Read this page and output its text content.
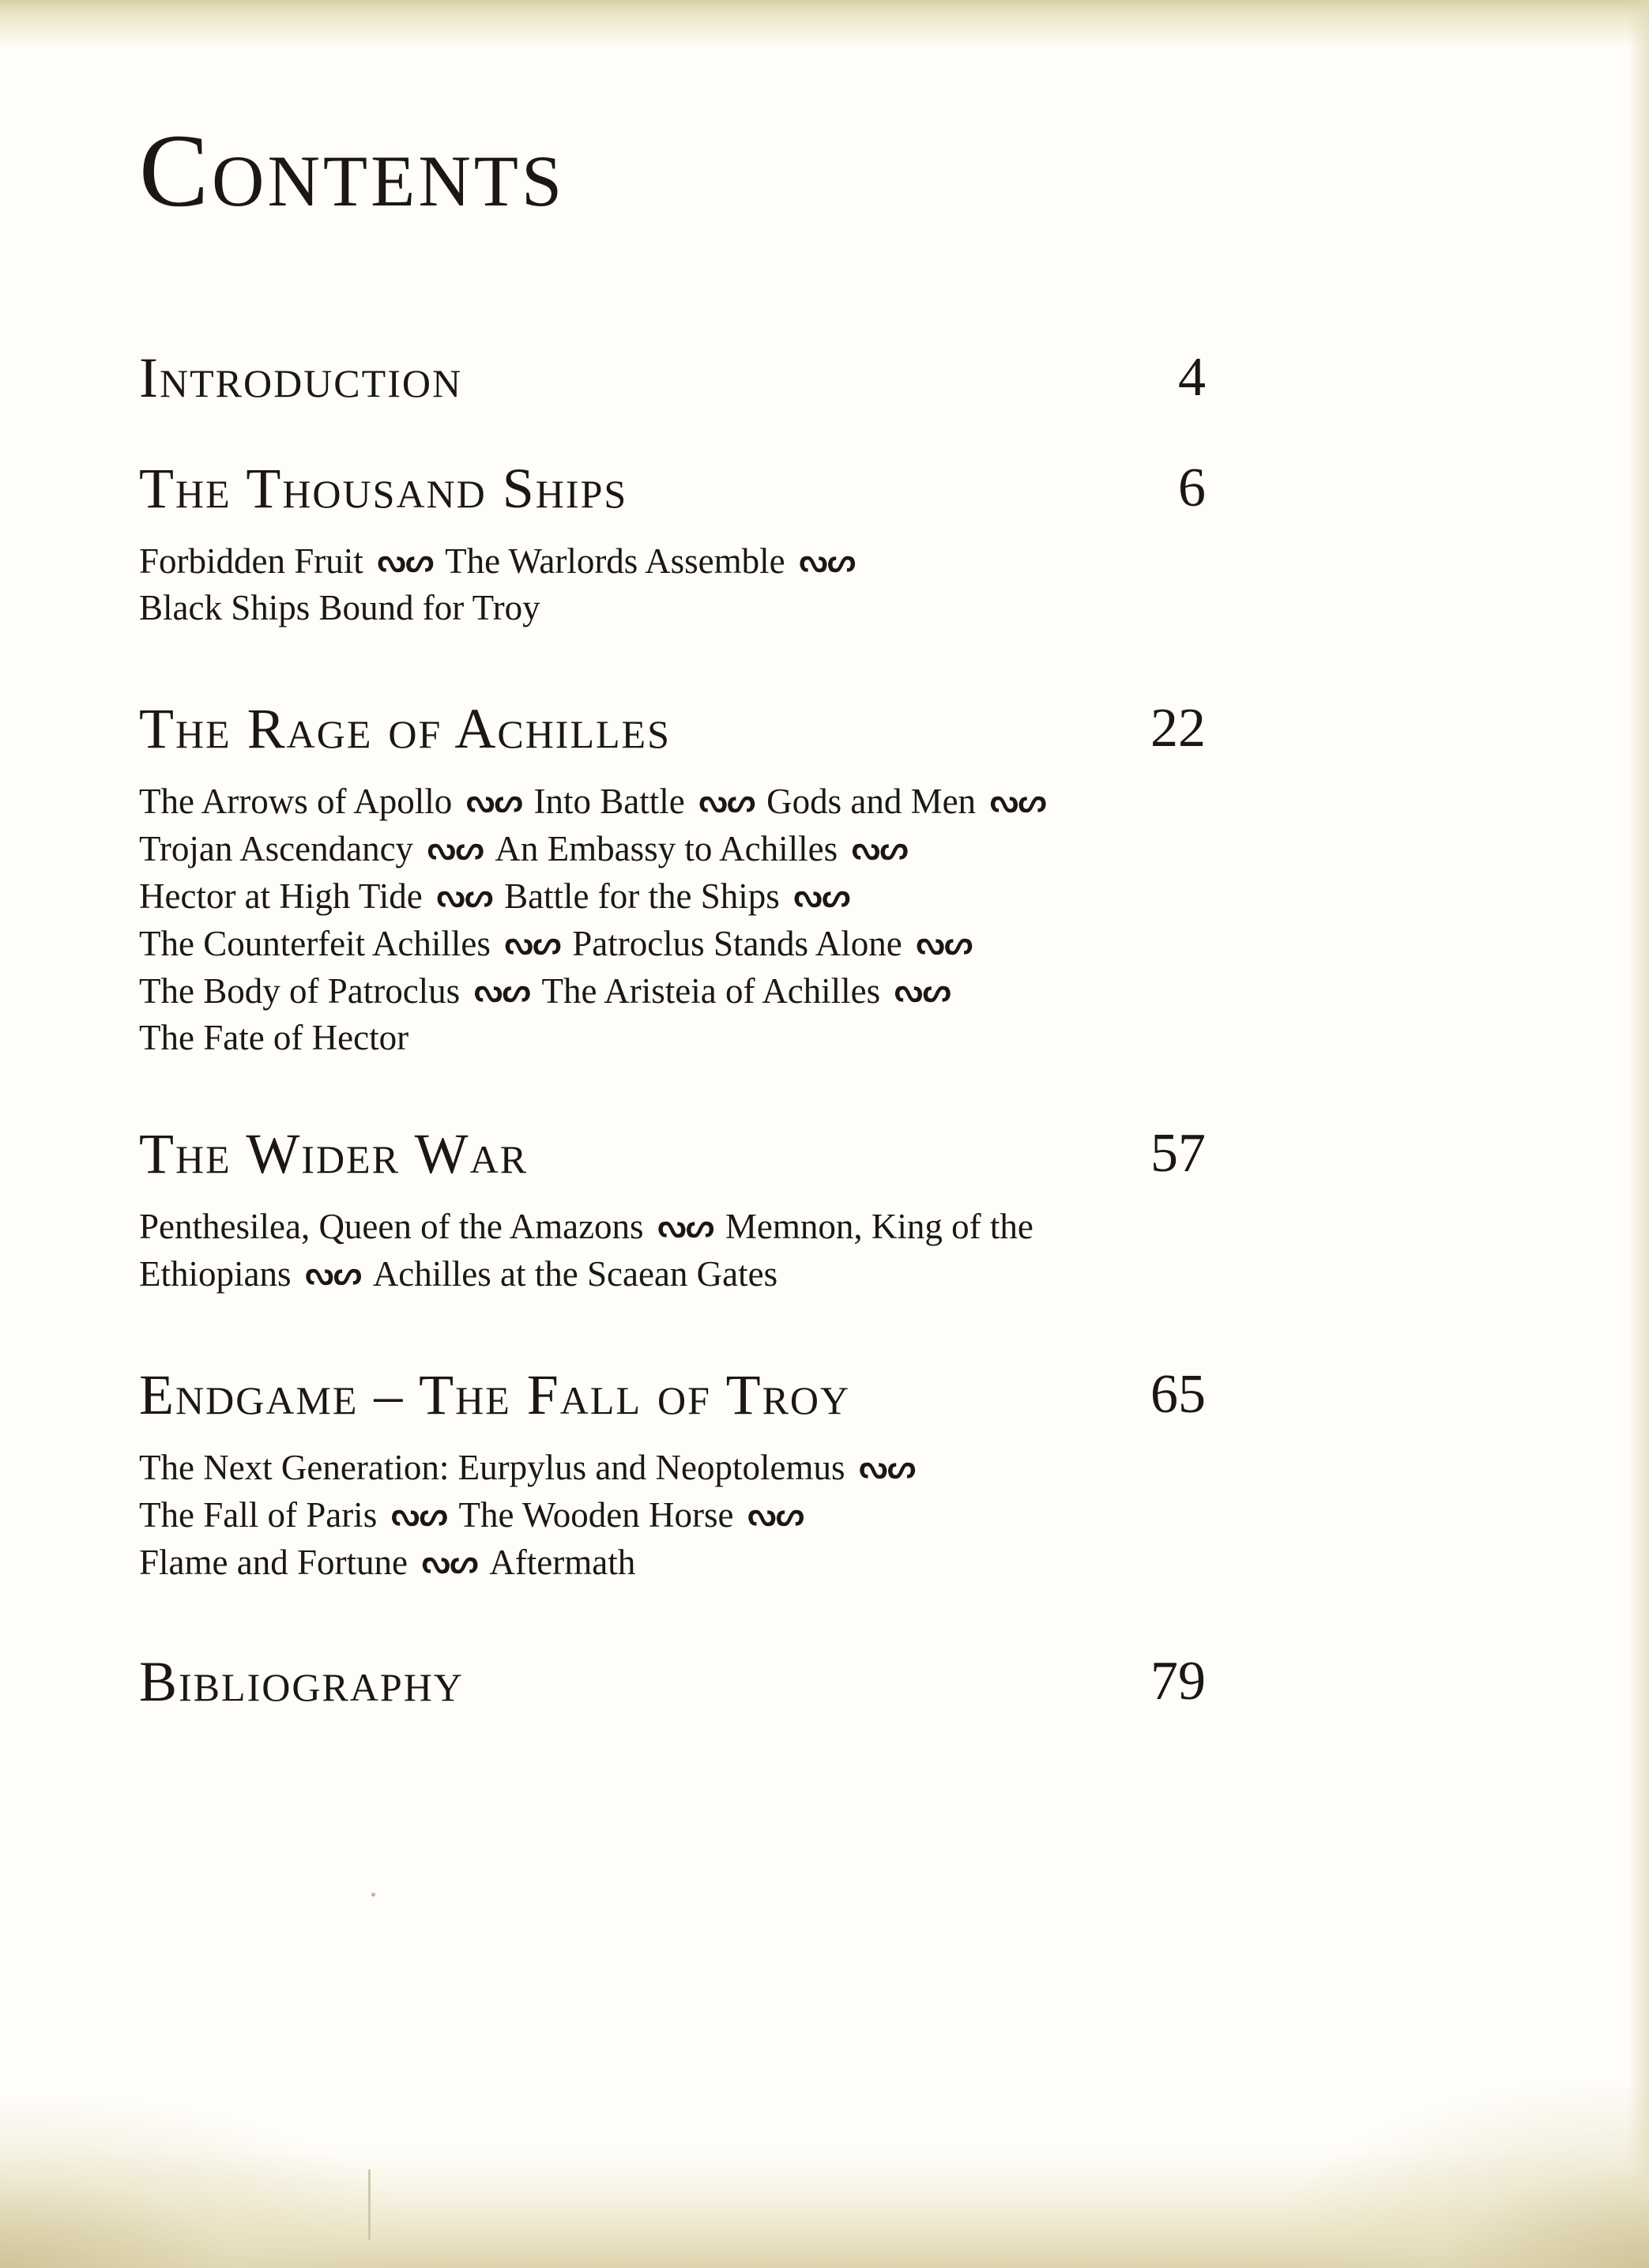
Contents
Introduction	4
The Thousand Ships	6
Forbidden Fruit ᔓᔕ The Warlords Assemble ᔓᔕ
Black Ships Bound for Troy
The Rage of Achilles	22
The Arrows of Apollo ᔓᔕ Into Battle ᔓᔕ Gods and Men ᔓᔕ
Trojan Ascendancy ᔓᔕ An Embassy to Achilles ᔓᔕ
Hector at High Tide ᔓᔕ Battle for the Ships ᔓᔕ
The Counterfeit Achilles ᔓᔕ Patroclus Stands Alone ᔓᔕ
The Body of Patroclus ᔓᔕ The Aristeia of Achilles ᔓᔕ
The Fate of Hector
The Wider War	57
Penthesilea, Queen of the Amazons ᔓᔕ Memnon, King of the
Ethiopians ᔓᔕ Achilles at the Scaean Gates
Endgame – The Fall of Troy	65
The Next Generation: Eurpylus and Neoptolemus ᔓᔕ
The Fall of Paris ᔓᔕ The Wooden Horse ᔓᔕ
Flame and Fortune ᔓᔕ Aftermath
Bibliography	79
